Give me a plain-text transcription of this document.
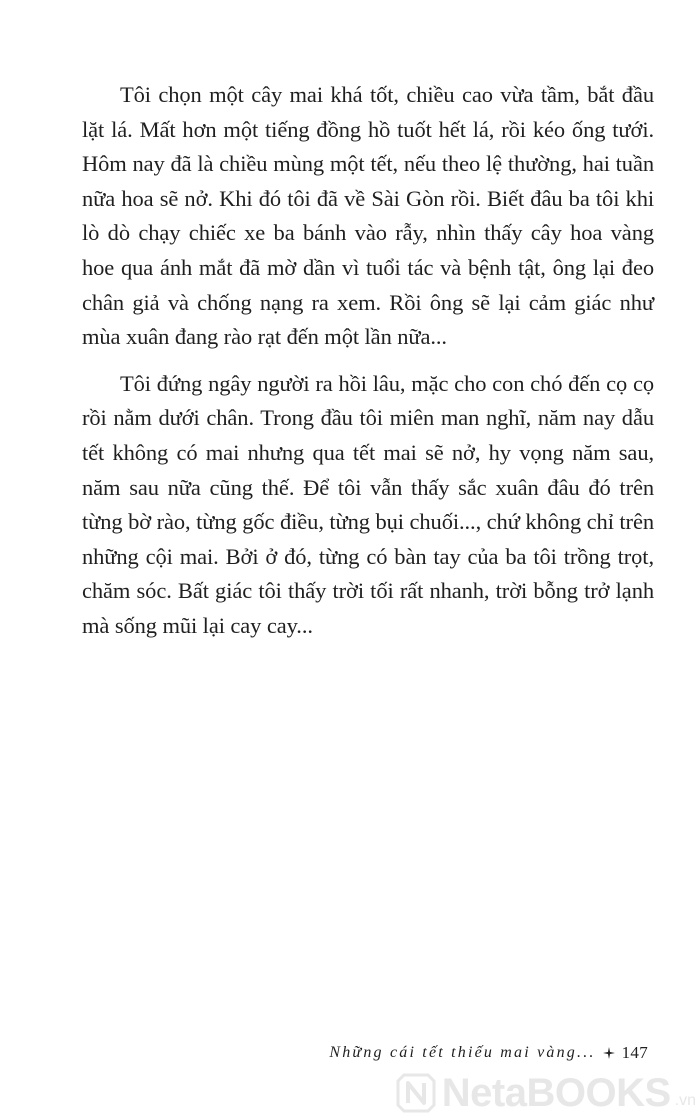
Tôi chọn một cây mai khá tốt, chiều cao vừa tầm, bắt đầu lặt lá. Mất hơn một tiếng đồng hồ tuốt hết lá, rồi kéo ống tưới. Hôm nay đã là chiều mùng một tết, nếu theo lệ thường, hai tuần nữa hoa sẽ nở. Khi đó tôi đã về Sài Gòn rồi. Biết đâu ba tôi khi lò dò chạy chiếc xe ba bánh vào rẫy, nhìn thấy cây hoa vàng hoe qua ánh mắt đã mờ dần vì tuổi tác và bệnh tật, ông lại đeo chân giả và chống nạng ra xem. Rồi ông sẽ lại cảm giác như mùa xuân đang rào rạt đến một lần nữa...

Tôi đứng ngây người ra hồi lâu, mặc cho con chó đến cọ cọ rồi nằm dưới chân. Trong đầu tôi miên man nghĩ, năm nay dẫu tết không có mai nhưng qua tết mai sẽ nở, hy vọng năm sau, năm sau nữa cũng thế. Để tôi vẫn thấy sắc xuân đâu đó trên từng bờ rào, từng gốc điều, từng bụi chuối..., chứ không chỉ trên những cội mai. Bởi ở đó, từng có bàn tay của ba tôi trồng trọt, chăm sóc. Bất giác tôi thấy trời tối rất nhanh, trời bỗng trở lạnh mà sống mũi lại cay cay...

Những cái tết thiếu mai vàng... 147
NetaBOOKS .vn
